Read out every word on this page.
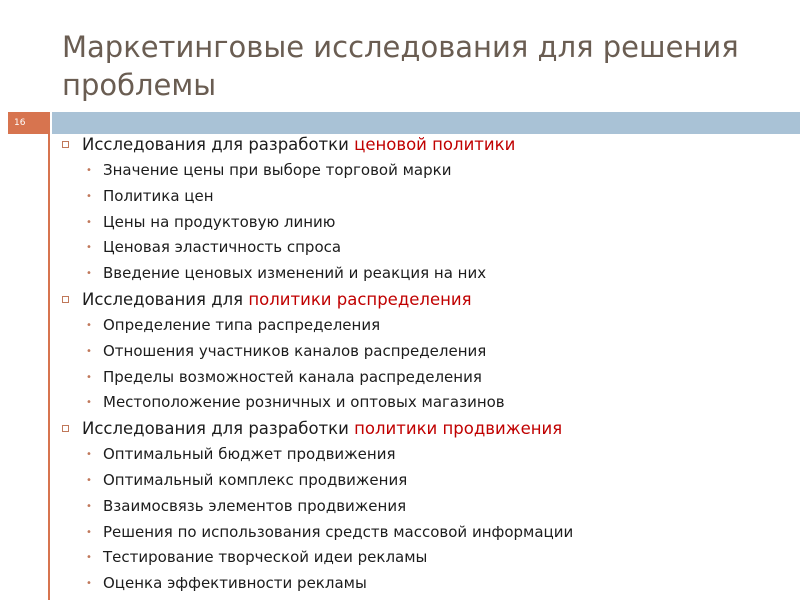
Маркетинговые исследования для решения проблемы
16
Исследования для разработки ценовой политики
• Значение цены при выборе торговой марки
• Политика цен
• Цены на продуктовую линию
• Ценовая эластичность спроса
• Введение ценовых изменений и реакция на них
Исследования для политики распределения
• Определение типа распределения
• Отношения участников каналов распределения
• Пределы возможностей канала распределения
• Местоположение розничных и оптовых магазинов
Исследования для разработки политики продвижения
• Оптимальный бюджет продвижения
• Оптимальный комплекс продвижения
• Взаимосвязь элементов продвижения
• Решения по использования средств массовой информации
• Тестирование творческой идеи рекламы
• Оценка эффективности рекламы
